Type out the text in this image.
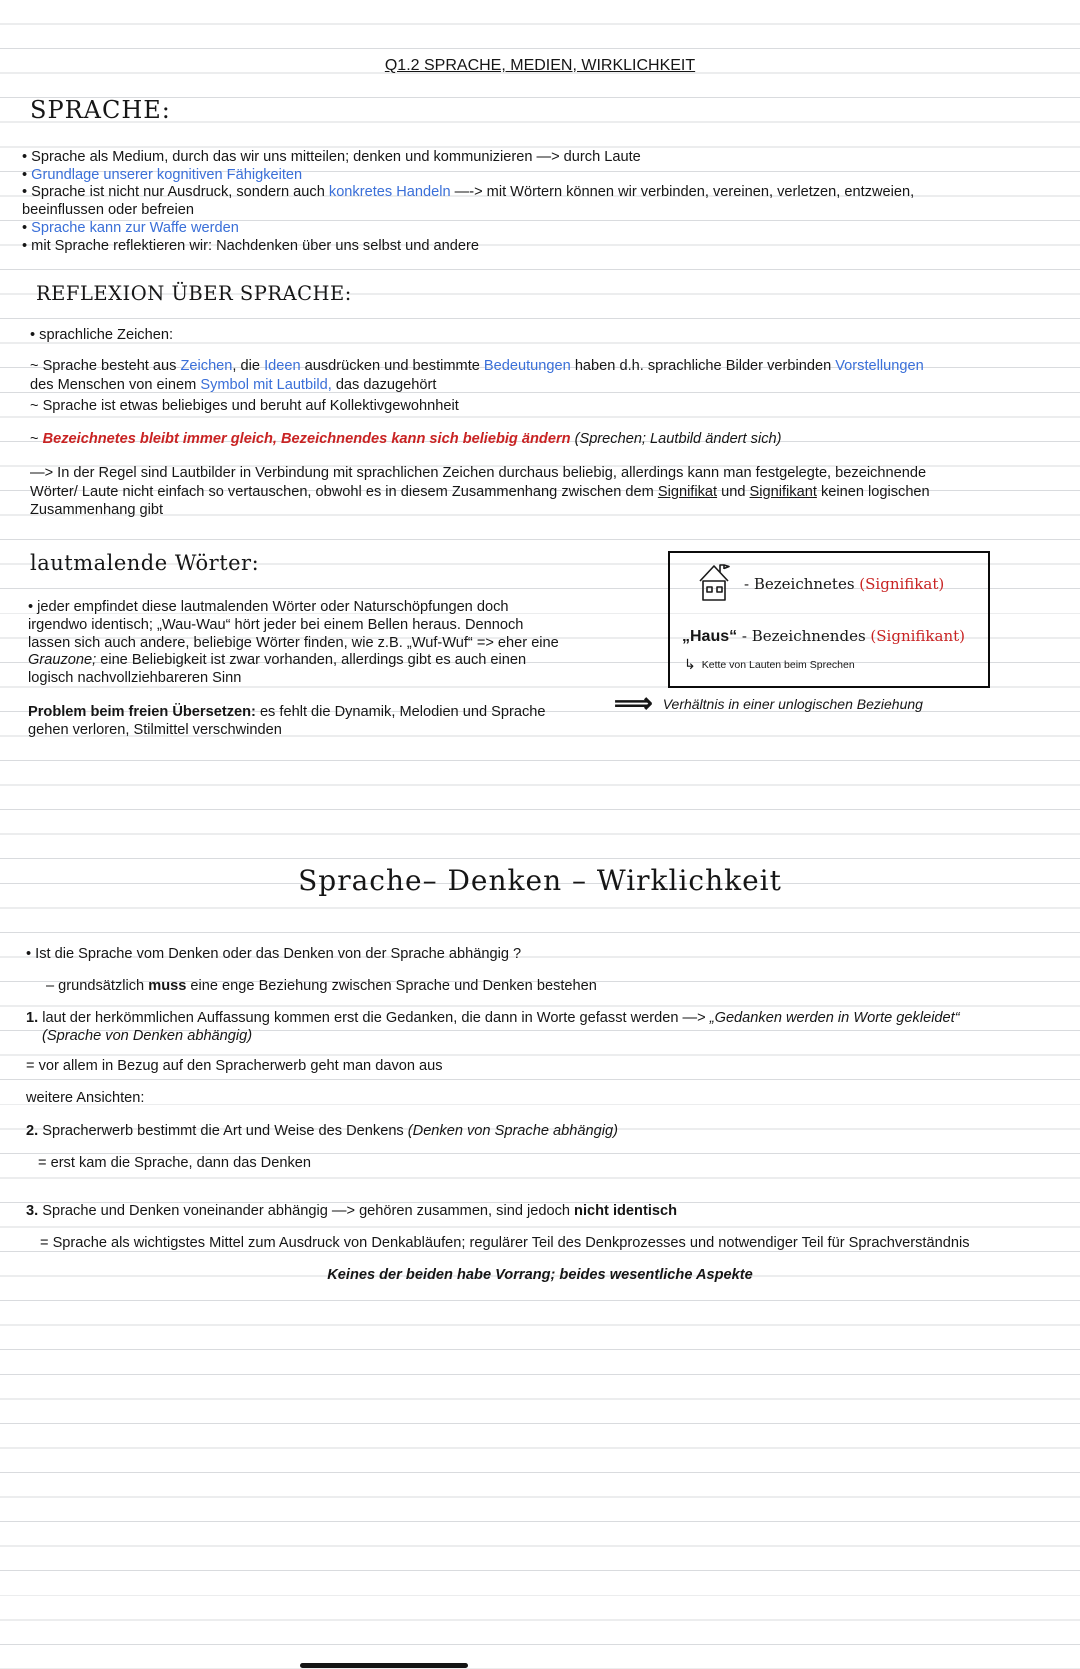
Q1.2 SPRACHE, MEDIEN, WIRKLICHKEIT
SPRACHE:
• Sprache als Medium, durch das wir uns mitteilen; denken und kommunizieren —> durch Laute
• Grundlage unserer kognitiven Fähigkeiten
• Sprache ist nicht nur Ausdruck, sondern auch konkretes Handeln —-> mit Wörtern können wir verbinden, vereinen, verletzen, entzweien,
beeinflussen oder befreien
• Sprache kann zur Waffe werden
• mit Sprache reflektieren wir: Nachdenken über uns selbst und andere
REFLEXION ÜBER SPRACHE:
• sprachliche Zeichen:
~ Sprache besteht aus Zeichen, die Ideen ausdrücken und bestimmte Bedeutungen haben d.h. sprachliche Bilder verbinden Vorstellungen
des Menschen von einem Symbol mit Lautbild, das dazugehört
~ Sprache ist etwas beliebiges und beruht auf Kollektivgewohnheit
~ Bezeichnetes bleibt immer gleich, Bezeichnendes kann sich beliebig ändern (Sprechen; Lautbild ändert sich)
—> In der Regel sind Lautbilder in Verbindung mit sprachlichen Zeichen durchaus beliebig, allerdings kann man festgelegte, bezeichnende
Wörter/ Laute nicht einfach so vertauschen, obwohl es in diesem Zusammenhang zwischen dem Signifikat und Signifikant keinen logischen
Zusammenhang gibt
lautmalende Wörter:
• jeder empfindet diese lautmalenden Wörter oder Naturschöpfungen doch
irgendwo identisch; „Wau-Wau“ hört jeder bei einem Bellen heraus. Dennoch
lassen sich auch andere, beliebige Wörter finden, wie z.B. „Wuf-Wuf“ => eher eine
Grauzone; eine Beliebigkeit ist zwar vorhanden, allerdings gibt es auch einen
logisch nachvollziehbareren Sinn
Problem beim freien Übersetzen: es fehlt die Dynamik, Melodien und Sprache
gehen verloren, Stilmittel verschwinden
- Bezeichnetes (Signifikat)
„Haus“ - Bezeichnendes (Signifikant)
↳ Kette von Lauten beim Sprechen
⟹ Verhältnis in einer unlogischen Beziehung
Sprache– Denken – Wirklichkeit
• Ist die Sprache vom Denken oder das Denken von der Sprache abhängig ?
– grundsätzlich muss eine enge Beziehung zwischen Sprache und Denken bestehen
1. laut der herkömmlichen Auffassung kommen erst die Gedanken, die dann in Worte gefasst werden —> „Gedanken werden in Worte gekleidet“
(Sprache von Denken abhängig)
= vor allem in Bezug auf den Spracherwerb geht man davon aus
weitere Ansichten:
2. Spracherwerb bestimmt die Art und Weise des Denkens (Denken von Sprache abhängig)
= erst kam die Sprache, dann das Denken
3. Sprache und Denken voneinander abhängig —> gehören zusammen, sind jedoch nicht identisch
= Sprache als wichtigstes Mittel zum Ausdruck von Denkabläufen; regulärer Teil des Denkprozesses und notwendiger Teil für Sprachverständnis
Keines der beiden habe Vorrang; beides wesentliche Aspekte
